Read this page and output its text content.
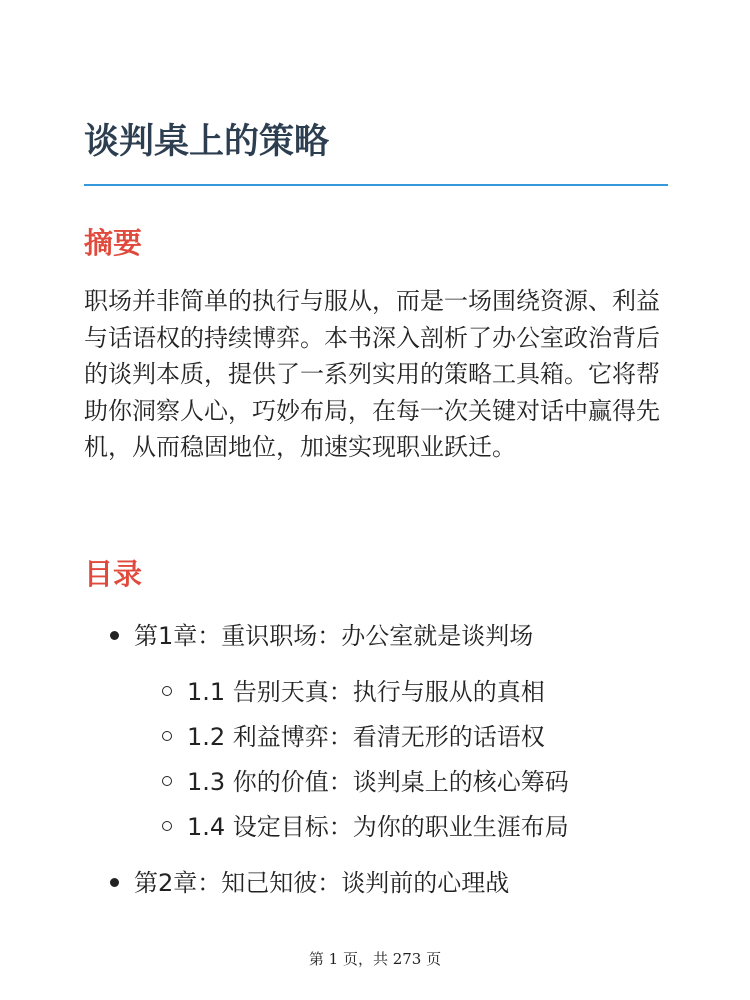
谈判桌上的策略
摘要

职场并非简单的执行与服从，而是一场围绕资源、利益与话语权的持续博弈。本书深入剖析了办公室政治背后的谈判本质，提供了一系列实用的策略工具箱。它将帮助你洞察人心，巧妙布局，在每一次关键对话中赢得先机，从而稳固地位，加速实现职业跃迁。

目录
第1章：重识职场：办公室就是谈判场
1.1 告别天真：执行与服从的真相
1.2 利益博弈：看清无形的话语权
1.3 你的价值：谈判桌上的核心筹码
1.4 设定目标：为你的职业生涯布局
第2章：知己知彼：谈判前的心理战
第 1 页，共 273 页
